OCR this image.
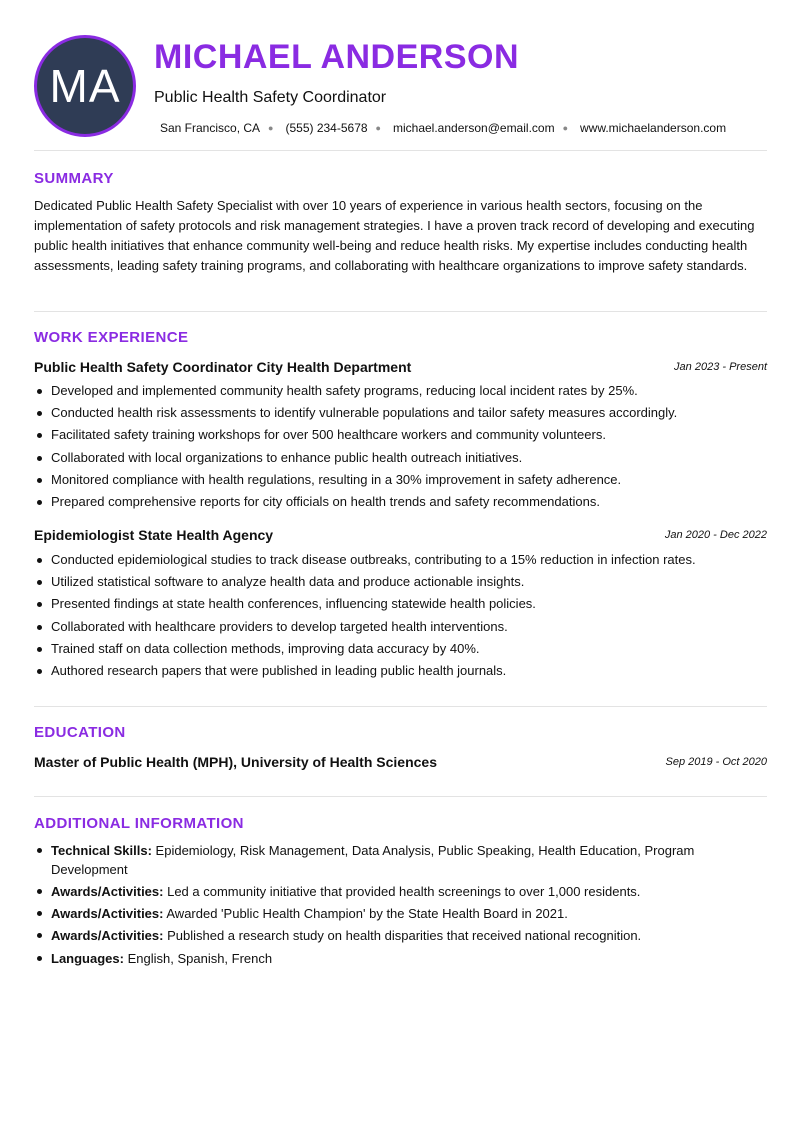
MA
MICHAEL ANDERSON
Public Health Safety Coordinator
San Francisco, CA ● (555) 234-5678 ● michael.anderson@email.com ● www.michaelanderson.com
SUMMARY

Dedicated Public Health Safety Specialist with over 10 years of experience in various health sectors, focusing on the implementation of safety protocols and risk management strategies. I have a proven track record of developing and executing public health initiatives that enhance community well-being and reduce health risks. My expertise includes conducting health assessments, leading safety training programs, and collaborating with healthcare organizations to improve safety standards.

WORK EXPERIENCE
Public Health Safety Coordinator City Health Department	Jan 2023 - Present
Developed and implemented community health safety programs, reducing local incident rates by 25%.
Conducted health risk assessments to identify vulnerable populations and tailor safety measures accordingly.
Facilitated safety training workshops for over 500 healthcare workers and community volunteers.
Collaborated with local organizations to enhance public health outreach initiatives.
Monitored compliance with health regulations, resulting in a 30% improvement in safety adherence.
Prepared comprehensive reports for city officials on health trends and safety recommendations.
Epidemiologist State Health Agency	Jan 2020 - Dec 2022
Conducted epidemiological studies to track disease outbreaks, contributing to a 15% reduction in infection rates.
Utilized statistical software to analyze health data and produce actionable insights.
Presented findings at state health conferences, influencing statewide health policies.
Collaborated with healthcare providers to develop targeted health interventions.
Trained staff on data collection methods, improving data accuracy by 40%.
Authored research papers that were published in leading public health journals.
EDUCATION
Master of Public Health (MPH), University of Health Sciences	Sep 2019 - Oct 2020
ADDITIONAL INFORMATION
Technical Skills: Epidemiology, Risk Management, Data Analysis, Public Speaking, Health Education, Program Development
Awards/Activities: Led a community initiative that provided health screenings to over 1,000 residents.
Awards/Activities: Awarded 'Public Health Champion' by the State Health Board in 2021.
Awards/Activities: Published a research study on health disparities that received national recognition.
Languages: English, Spanish, French
